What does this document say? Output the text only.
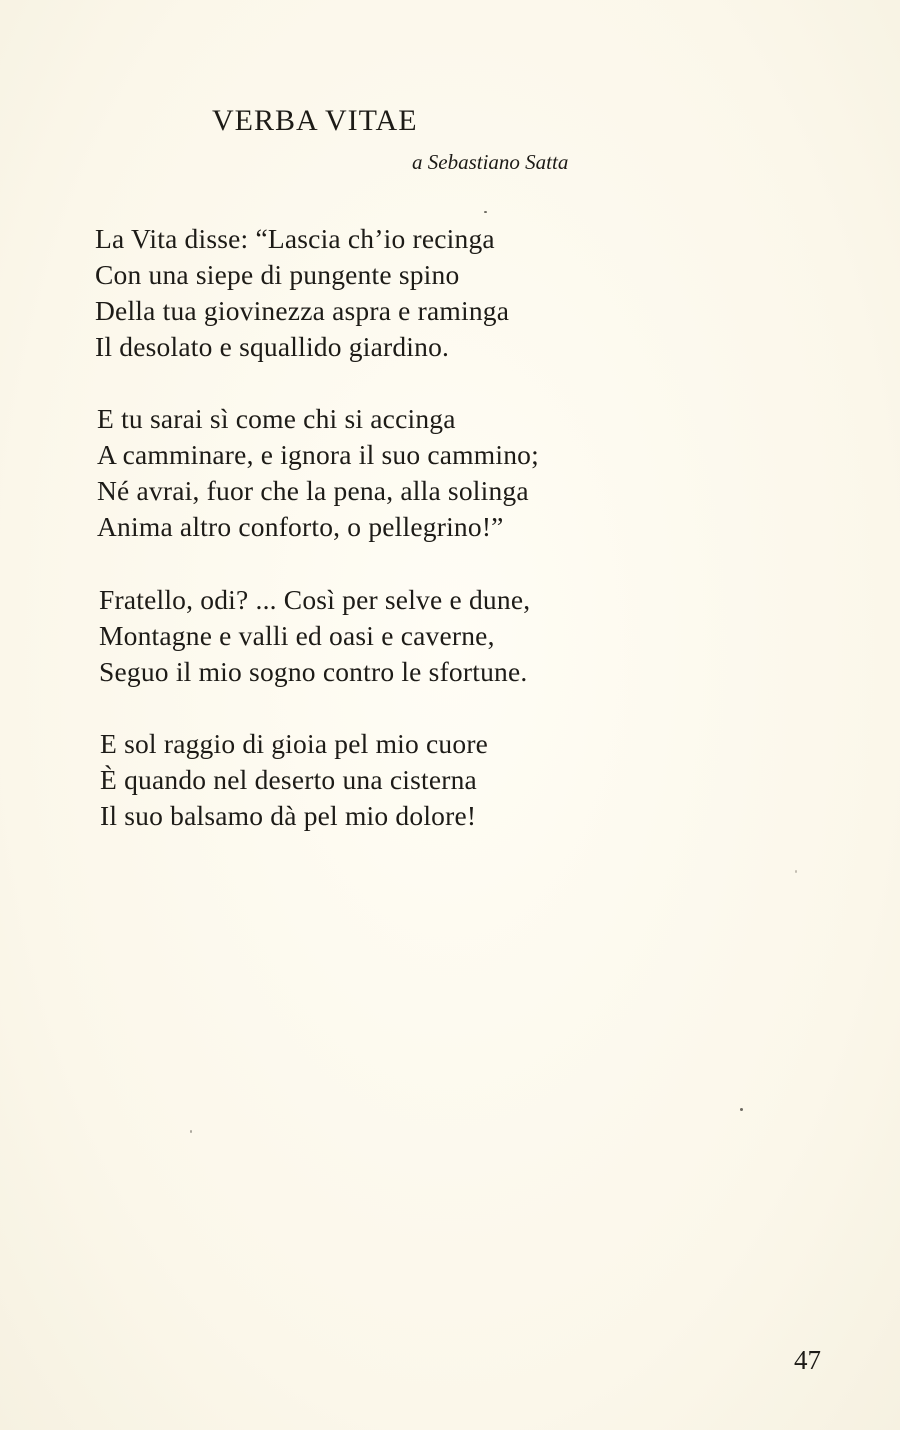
VERBA VITAE

a Sebastiano Satta

La Vita disse: “Lascia ch’io recinga
Con una siepe di pungente spino
Della tua giovinezza aspra e raminga
Il desolato e squallido giardino.
E tu sarai sì come chi si accinga
A camminare, e ignora il suo cammino;
Né avrai, fuor che la pena, alla solinga
Anima altro conforto, o pellegrino!”
Fratello, odi? ... Così per selve e dune,
Montagne e valli ed oasi e caverne,
Seguo il mio sogno contro le sfortune.
E sol raggio di gioia pel mio cuore
È quando nel deserto una cisterna
Il suo balsamo dà pel mio dolore!

47
